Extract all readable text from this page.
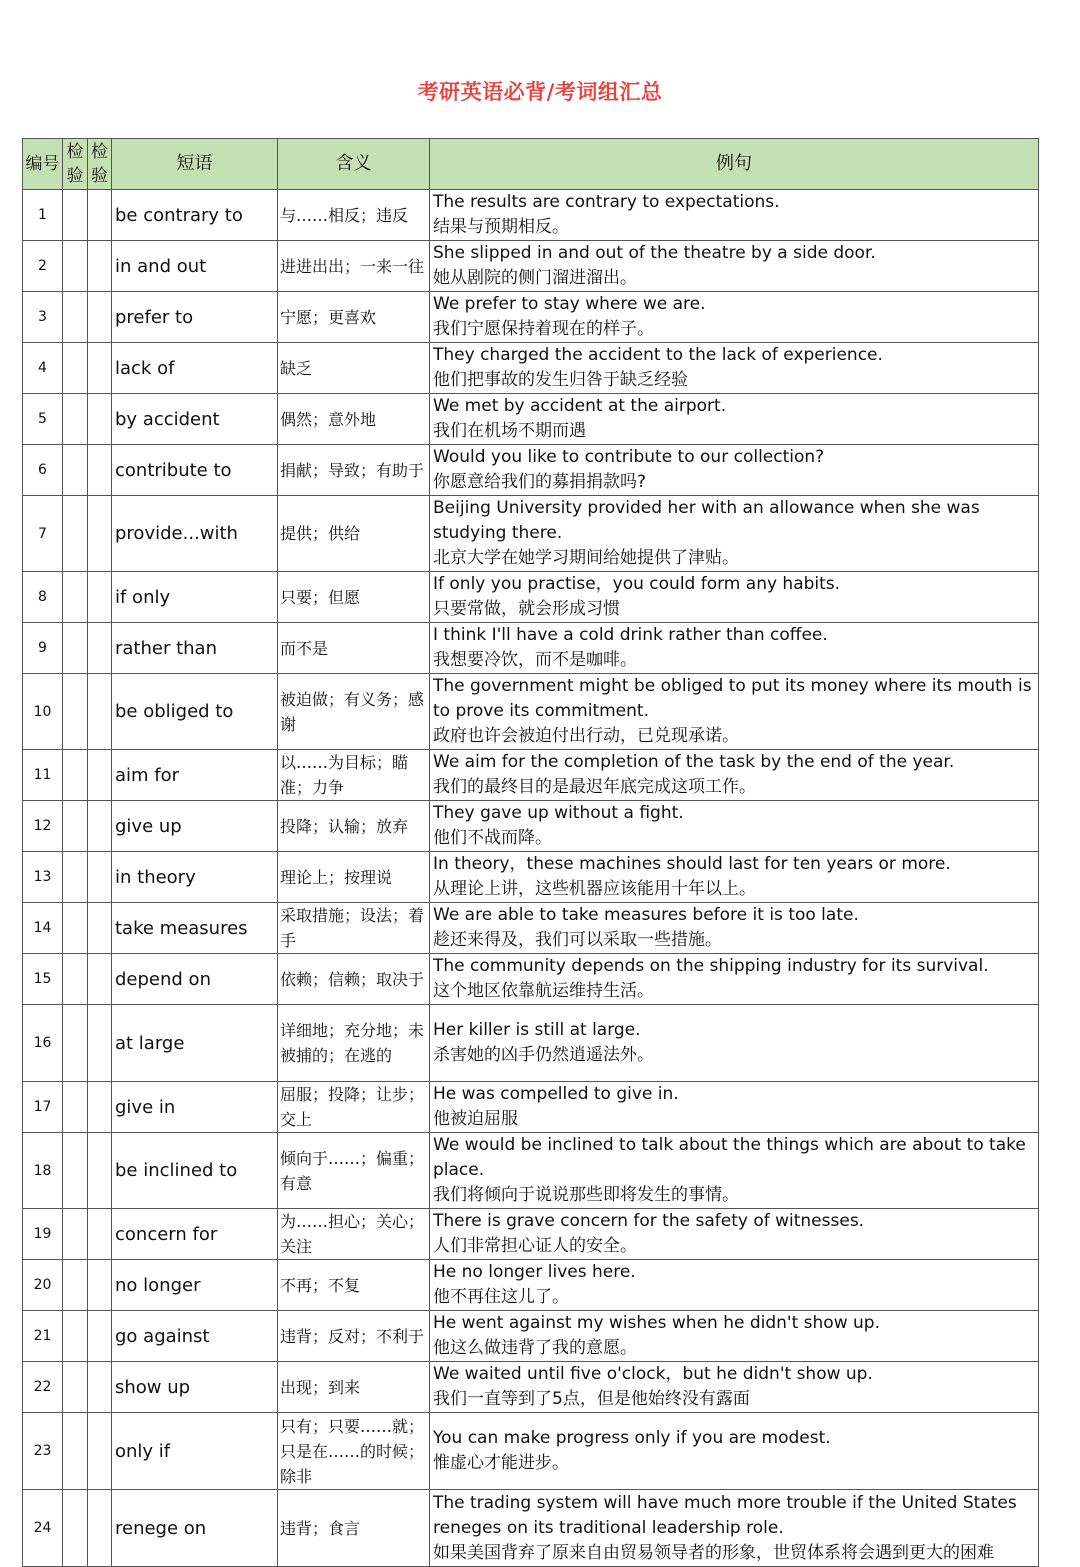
考研英语必背/考词组汇总
编号	检验	检验	短语	含义	例句
1			be contrary to	与……相反；违反	The results are contrary to expectations.
结果与预期相反。

2			in and out	进进出出；一来一往	She slipped in and out of the theatre by a side door.
她从剧院的侧门溜进溜出。

3			prefer to	宁愿；更喜欢	We prefer to stay where we are.
我们宁愿保持着现在的样子。

4			lack of	缺乏	They charged the accident to the lack of experience.
他们把事故的发生归咎于缺乏经验

5			by accident	偶然；意外地	We met by accident at the airport.
我们在机场不期而遇

6			contribute to	捐献；导致；有助于	Would you like to contribute to our collection?
你愿意给我们的募捐捐款吗?

7			provide...with	提供；供给	Beijing University provided her with an allowance when she was studying there.
北京大学在她学习期间给她提供了津贴。

8			if only	只要；但愿	If only you practise，you could form any habits.
只要常做，就会形成习惯

9			rather than	而不是	I think I'll have a cold drink rather than coffee.
我想要冷饮，而不是咖啡。

10			be obliged to	被迫做；有义务；感谢	The government might be obliged to put its money where its mouth is to prove its commitment.
政府也许会被迫付出行动，已兑现承诺。

11			aim for	以……为目标；瞄准；力争	We aim for the completion of the task by the end of the year.
我们的最终目的是最迟年底完成这项工作。

12			give up	投降；认输；放弃	They gave up without a fight.
他们不战而降。

13			in theory	理论上；按理说	In theory，these machines should last for ten years or more.
从理论上讲，这些机器应该能用十年以上。

14			take measures	采取措施；设法；着手	We are able to take measures before it is too late.
趁还来得及，我们可以采取一些措施。

15			depend on	依赖；信赖；取决于	The community depends on the shipping industry for its survival.
这个地区依靠航运维持生活。

16			at large	详细地；充分地；未被捕的；在逃的	Her killer is still at large.
杀害她的凶手仍然逍遥法外。

17			give in	屈服；投降；让步；交上	He was compelled to give in.
他被迫屈服

18			be inclined to	倾向于……；偏重；有意	We would be inclined to talk about the things which are about to take place.
我们将倾向于说说那些即将发生的事情。

19			concern for	为……担心；关心；关注	There is grave concern for the safety of witnesses.
人们非常担心证人的安全。

20			no longer	不再；不复	He no longer lives here.
他不再住这儿了。

21			go against	违背；反对；不利于	He went against my wishes when he didn't show up.
他这么做违背了我的意愿。

22			show up	出现；到来	We waited until five o'clock，but he didn't show up.
我们一直等到了5点，但是他始终没有露面

23			only if	只有；只要……就；只是在……的时候；除非	You can make progress only if you are modest.
惟虚心才能进步。

24			renege on	违背；食言	The trading system will have much more trouble if the United States reneges on its traditional leadership role.
如果美国背弃了原来自由贸易领导者的形象，世贸体系将会遇到更大的困难
